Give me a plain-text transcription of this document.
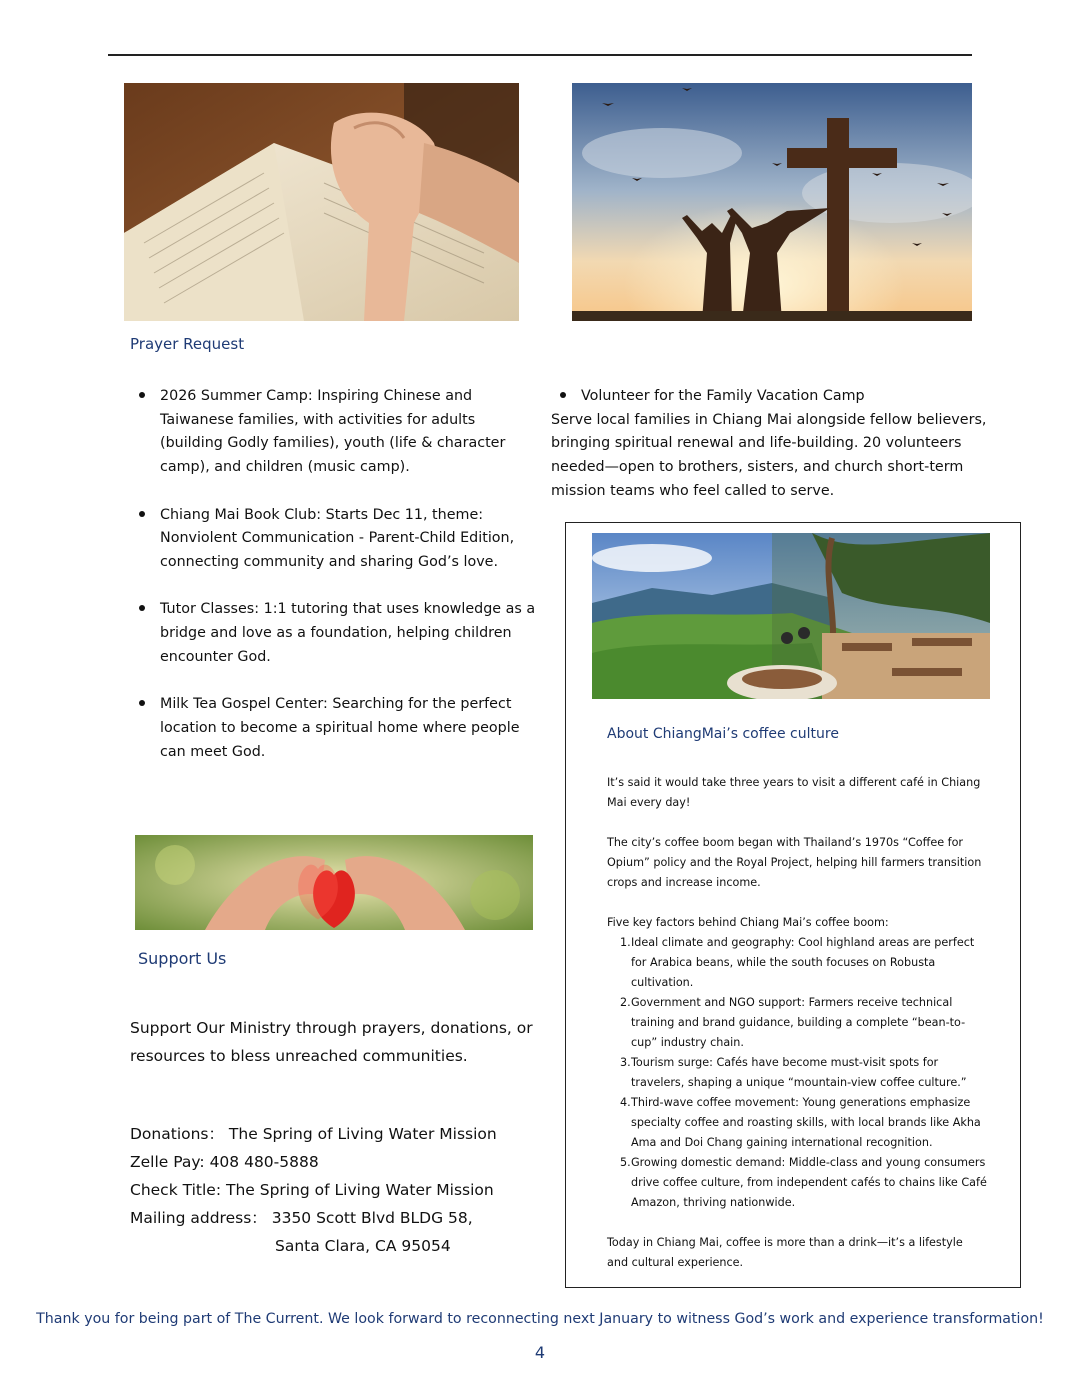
Prayer Request
2026 Summer Camp: Inspiring Chinese and Taiwanese families, with activities for adults (building Godly families), youth (life & character camp), and children (music camp).
Chiang Mai Book Club: Starts Dec 11, theme: Nonviolent Communication - Parent-Child Edition, connecting community and sharing God’s love.
Tutor Classes: 1:1 tutoring that uses knowledge as a bridge and love as a foundation, helping children encounter God.
Milk Tea Gospel Center: Searching for the perfect location to become a spiritual home where people can meet God.
Volunteer for the Family Vacation Camp
Serve local families in Chiang Mai alongside fellow believers, bringing spiritual renewal and life-building. 20 volunteers needed—open to brothers, sisters, and church short-term mission teams who feel called to serve.
About ChiangMai’s coffee culture
It’s said it would take three years to visit a different café in Chiang Mai every day!
The city’s coffee boom began with Thailand’s 1970s “Coffee for Opium” policy and the Royal Project, helping hill farmers transition crops and increase income.
Five key factors behind Chiang Mai’s coffee boom:
1. Ideal climate and geography: Cool highland areas are perfect for Arabica beans, while the south focuses on Robusta cultivation.
2. Government and NGO support: Farmers receive technical training and brand guidance, building a complete “bean-to-cup” industry chain.
3. Tourism surge: Cafés have become must-visit spots for travelers, shaping a unique “mountain-view coffee culture.”
4. Third-wave coffee movement: Young generations emphasize specialty coffee and roasting skills, with local brands like Akha Ama and Doi Chang gaining international recognition.
5. Growing domestic demand: Middle-class and young consumers drive coffee culture, from independent cafés to chains like Café Amazon, thriving nationwide.
Today in Chiang Mai, coffee is more than a drink—it’s a lifestyle and cultural experience.
Support Us
Support Our Ministry through prayers, donations, or resources to bless unreached communities.
Donations： The Spring of Living Water Mission
Zelle Pay: 408 480-5888
Check Title: The Spring of Living Water Mission
Mailing address： 3350 Scott Blvd BLDG 58,
Santa Clara, CA 95054
Thank you for being part of The Current. We look forward to reconnecting next January to witness God’s work and experience transformation!
4
